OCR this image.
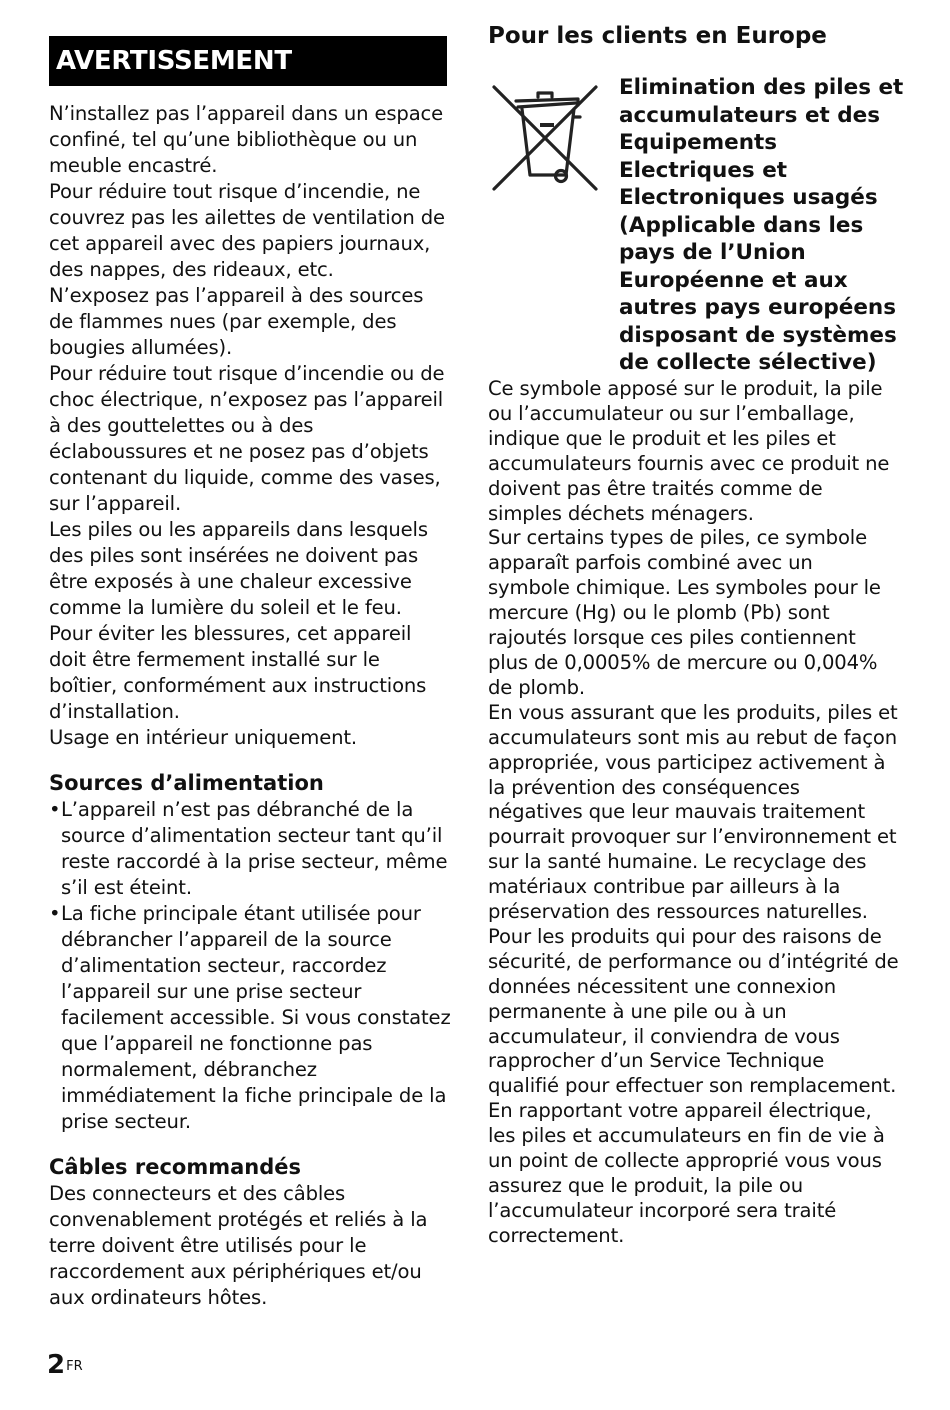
AVERTISSEMENT

N’installez pas l’appareil dans un espace confiné, tel qu’une bibliothèque ou un meuble encastré.

Pour réduire tout risque d’incendie, ne couvrez pas les ailettes de ventilation de cet appareil avec des papiers journaux, des nappes, des rideaux, etc.

N’exposez pas l’appareil à des sources de flammes nues (par exemple, des bougies allumées).

Pour réduire tout risque d’incendie ou de choc électrique, n’exposez pas l’appareil à des gouttelettes ou à des éclaboussures et ne posez pas d’objets contenant du liquide, comme des vases, sur l’appareil.

Les piles ou les appareils dans lesquels des piles sont insérées ne doivent pas être exposés à une chaleur excessive comme la lumière du soleil et le feu.

Pour éviter les blessures, cet appareil doit être fermement installé sur le boîtier, conformément aux instructions d’installation.

Usage en intérieur uniquement.

Sources d’alimentation
• L’appareil n’est pas débranché de la source d’alimentation secteur tant qu’il reste raccordé à la prise secteur, même s’il est éteint.
• La fiche principale étant utilisée pour débrancher l’appareil de la source d’alimentation secteur, raccordez l’appareil sur une prise secteur facilement accessible. Si vous constatez que l’appareil ne fonctionne pas normalement, débranchez immédiatement la fiche principale de la prise secteur.
Câbles recommandés

Des connecteurs et des câbles convenablement protégés et reliés à la terre doivent être utilisés pour le raccordement aux périphériques et/ou aux ordinateurs hôtes.

$2^{FR}$
Pour les clients en Europe
Elimination des piles et accumulateurs et des Equipements Electriques et Electroniques usagés (Applicable dans les pays de l’Union Européenne et aux autres pays européens disposant de systèmes de collecte sélective)

Ce symbole apposé sur le produit, la pile ou l’accumulateur ou sur l’emballage, indique que le produit et les piles et accumulateurs fournis avec ce produit ne doivent pas être traités comme de simples déchets ménagers.

Sur certains types de piles, ce symbole apparaît parfois combiné avec un symbole chimique. Les symboles pour le mercure (Hg) ou le plomb (Pb) sont rajoutés lorsque ces piles contiennent plus de 0,0005% de mercure ou 0,004% de plomb.

En vous assurant que les produits, piles et accumulateurs sont mis au rebut de façon appropriée, vous participez activement à la prévention des conséquences négatives que leur mauvais traitement pourrait provoquer sur l’environnement et sur la santé humaine. Le recyclage des matériaux contribue par ailleurs à la préservation des ressources naturelles.

Pour les produits qui pour des raisons de sécurité, de performance ou d’intégrité de données nécessitent une connexion permanente à une pile ou à un accumulateur, il conviendra de vous rapprocher d’un Service Technique qualifié pour effectuer son remplacement.

En rapportant votre appareil électrique, les piles et accumulateurs en fin de vie à un point de collecte approprié vous vous assurez que le produit, la pile ou l’accumulateur incorporé sera traité correctement.
